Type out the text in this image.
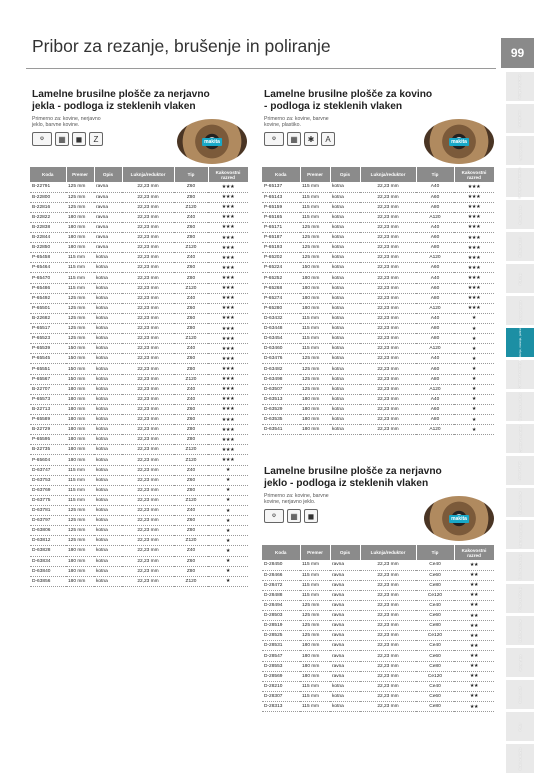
Pribor za rezanje, brušenje in poliranje	99
Lamelne brusilne plošče za nerjavno
jekla - podloga iz steklenih vlaken
Primerno za: kovine, nerjavno
jeklo, barvne kovine.
⚙	▦	◼	Z	makita
Koda	Premer	Opis	Luknja/reduktor	Tip	Kakovostni razred
B-22791	125 mm	ravna	22,23 mm	Z60	★★★
B-22800	125 mm	ravna	22,23 mm	Z80	★★★
B-22816	125 mm	ravna	22,23 mm	Z120	★★★
B-22822	180 mm	ravna	22,23 mm	Z40	★★★
B-22838	180 mm	ravna	22,23 mm	Z60	★★★
B-22844	180 mm	ravna	22,23 mm	Z80	★★★
B-22850	180 mm	ravna	22,23 mm	Z120	★★★
P-65458	115 mm	kotna	22,23 mm	Z40	★★★
P-65464	115 mm	kotna	22,23 mm	Z60	★★★
P-65470	115 mm	kotna	22,23 mm	Z80	★★★
P-65486	115 mm	kotna	22,23 mm	Z120	★★★
P-65492	125 mm	kotna	22,23 mm	Z40	★★★
P-65501	125 mm	kotna	22,23 mm	Z60	★★★
B-22682	125 mm	kotna	22,23 mm	Z60	★★★
P-65517	125 mm	kotna	22,23 mm	Z80	★★★
P-65523	125 mm	kotna	22,23 mm	Z120	★★★
P-65539	150 mm	kotna	22,23 mm	Z40	★★★
P-65545	150 mm	kotna	22,23 mm	Z60	★★★
P-65551	150 mm	kotna	22,23 mm	Z80	★★★
P-65567	150 mm	kotna	22,23 mm	Z120	★★★
B-22707	180 mm	kotna	22,23 mm	Z40	★★★
P-65573	180 mm	kotna	22,23 mm	Z40	★★★
B-22713	180 mm	kotna	22,23 mm	Z60	★★★
P-65589	180 mm	kotna	22,23 mm	Z60	★★★
B-22729	180 mm	kotna	22,23 mm	Z80	★★★
P-65595	180 mm	kotna	22,23 mm	Z80	★★★
B-22735	180 mm	kotna	22,23 mm	Z120	★★★
P-65604	180 mm	kotna	22,23 mm	Z120	★★★
D-63747	115 mm	kotna	22,23 mm	Z40	★
D-63753	115 mm	kotna	22,23 mm	Z60	★
D-63769	115 mm	kotna	22,23 mm	Z80	★
D-63775	115 mm	kotna	22,23 mm	Z120	★
D-63781	125 mm	kotna	22,23 mm	Z40	★
D-63797	125 mm	kotna	22,23 mm	Z60	★
D-63806	125 mm	kotna	22,23 mm	Z80	★
D-63812	125 mm	kotna	22,23 mm	Z120	★
D-63828	180 mm	kotna	22,23 mm	Z40	★
D-63834	180 mm	kotna	22,23 mm	Z60	★
D-63840	180 mm	kotna	22,23 mm	Z80	★
D-63856	180 mm	kotna	22,23 mm	Z120	★
Lamelne brusilne plošče za kovino
- podloga iz steklenih vlaken
Primerno za: kovine, barvne
kovine, plastiko.
⚙	▦	✱	A	makita
Koda	Premer	Opis	Luknja/reduktor	Tip	Kakovostni razred
P-65137	115 mm	kotna	22,23 mm	A40	★★★
P-65143	115 mm	kotna	22,23 mm	A60	★★★
P-65159	115 mm	kotna	22,23 mm	A80	★★★
P-65165	115 mm	kotna	22,23 mm	A120	★★★
P-65171	125 mm	kotna	22,23 mm	A40	★★★
P-65187	125 mm	kotna	22,23 mm	A60	★★★
P-65193	125 mm	kotna	22,23 mm	A80	★★★
P-65202	125 mm	kotna	22,23 mm	A120	★★★
P-65224	150 mm	kotna	22,23 mm	A60	★★★
P-65252	180 mm	kotna	22,23 mm	A40	★★★
P-65268	180 mm	kotna	22,23 mm	A60	★★★
P-65274	180 mm	kotna	22,23 mm	A80	★★★
P-65280	180 mm	kotna	22,23 mm	A120	★★★
D-63432	115 mm	kotna	22,23 mm	A40	★
D-63448	115 mm	kotna	22,23 mm	A80	★
D-63454	115 mm	kotna	22,23 mm	A80	★
D-63460	115 mm	kotna	22,23 mm	A120	★
D-63476	125 mm	kotna	22,23 mm	A40	★
D-63482	125 mm	kotna	22,23 mm	A60	★
D-63498	125 mm	kotna	22,23 mm	A80	★
D-63507	125 mm	kotna	22,23 mm	A120	★
D-63513	180 mm	kotna	22,23 mm	A40	★
D-63529	180 mm	kotna	22,23 mm	A60	★
D-63535	180 mm	kotna	22,23 mm	A80	★
D-63541	180 mm	kotna	22,23 mm	A120	★
Lamelne brusilne plošče za nerjavno
jeklo - podloga iz steklenih vlaken
Primerno za: kovine, barvne
kovine, nerjavno jeklo.
⚙	▦	◼	makita
Koda	Premer	Opis	Luknja/reduktor	Tip	Kakovostni razred
D-28450	115 mm	ravna	22,23 mm	Ce40	★★
D-28466	115 mm	ravna	22,23 mm	Ce60	★★
D-28472	115 mm	ravna	22,23 mm	Ce80	★★
D-28488	115 mm	ravna	22,23 mm	Ce120	★★
D-28494	125 mm	ravna	22,23 mm	Ce40	★★
D-28503	125 mm	ravna	22,23 mm	Ce60	★★
D-28519	125 mm	ravna	22,23 mm	Ce80	★★
D-28525	125 mm	ravna	22,23 mm	Ce120	★★
D-28531	180 mm	ravna	22,23 mm	Ce40	★★
D-28547	180 mm	ravna	22,23 mm	Ce60	★★
D-28553	180 mm	ravna	22,23 mm	Ce80	★★
D-28569	180 mm	ravna	22,23 mm	Ce120	★★
D-28210	115 mm	kotna	22,23 mm	Ce40	★★
D-28307	115 mm	kotna	22,23 mm	Ce60	★★
D-28313	115 mm	kotna	22,23 mm	Ce80	★★
Vrtanje in vijačenje
Rezanje lesa
Rezanje kovin
Rezanje v gradbeništvu
Brušenje lesa
Brušenje kovin
Poliranje
Rezanje kamna
Brušenje, rezanje, poliranje
Oprema za rezkanje
Oprema za stružnice
Oprema za vrtalnike
Pribor za žage
Dodatna oprema
Pribor za vijačenje
Oprema za rezanje
Pribor za čiščenje
Zaščitna oprema
Vrtalna dleta
Delovne luči
Pribor
Delovna oblačila
